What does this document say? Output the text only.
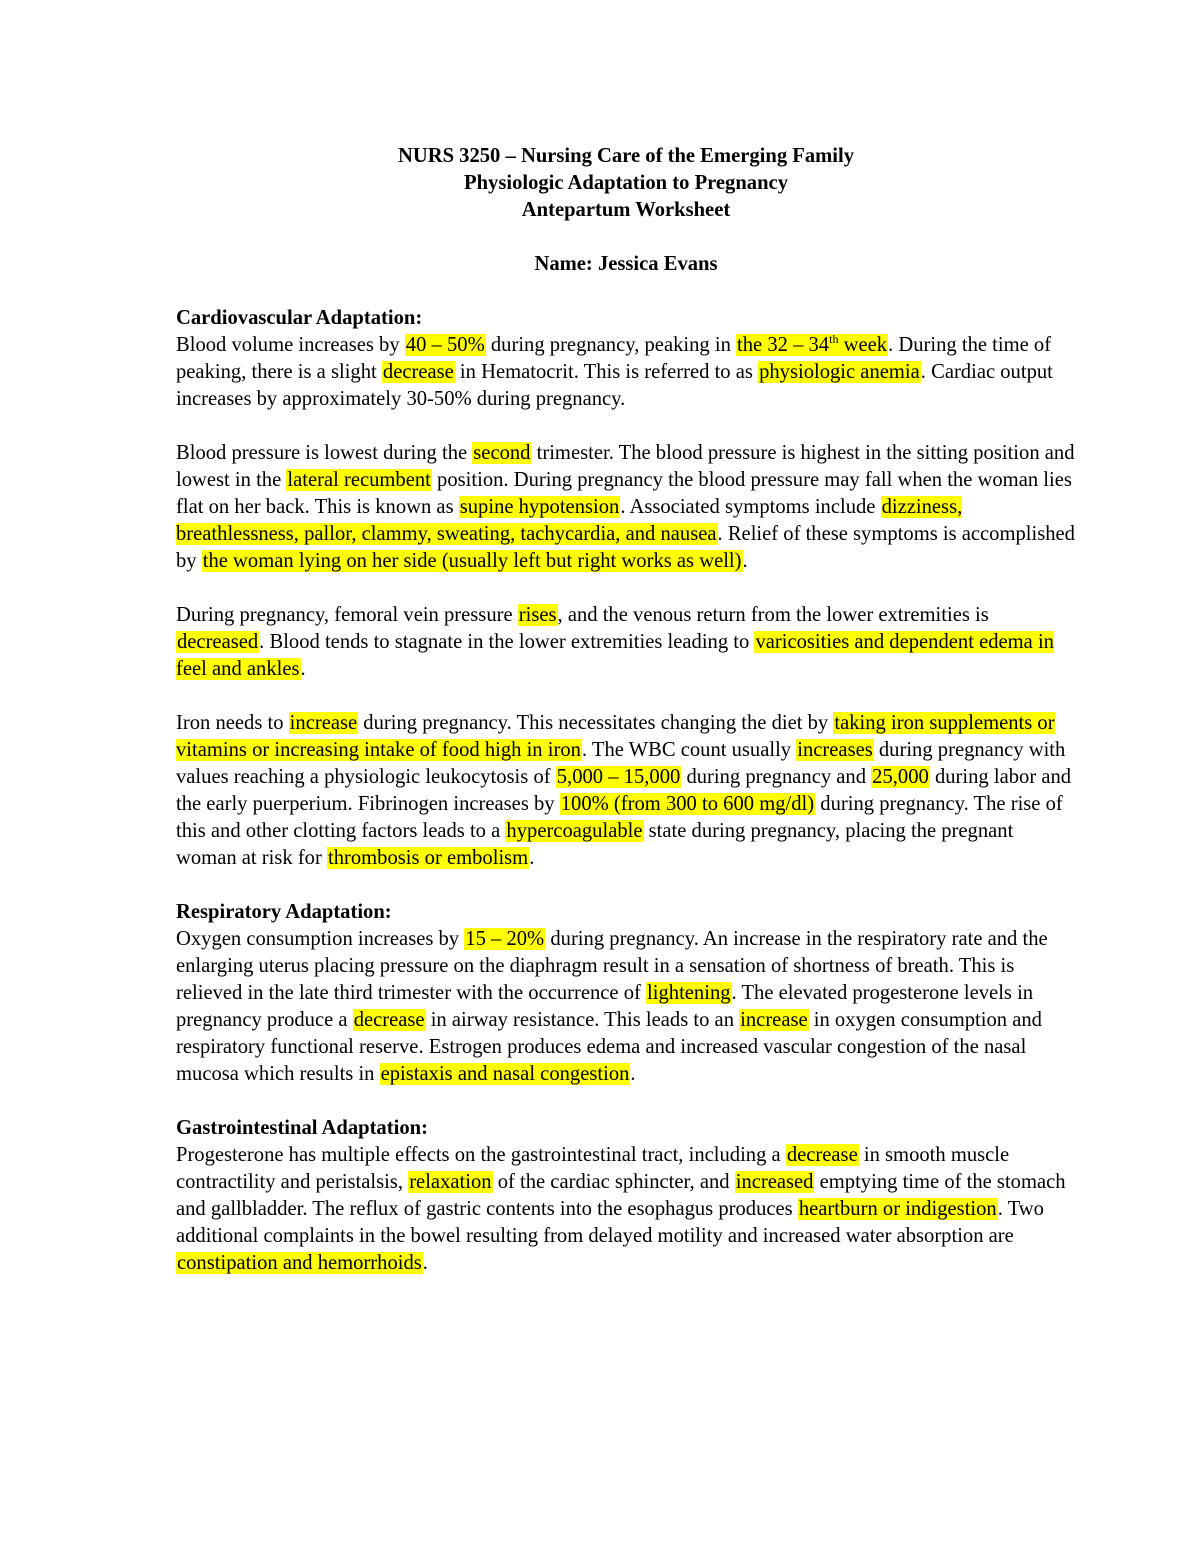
NURS 3250 – Nursing Care of the Emerging Family
Physiologic Adaptation to Pregnancy
Antepartum Worksheet
Name: Jessica Evans
Cardiovascular Adaptation:

Blood volume increases by 40 – 50% during pregnancy, peaking in the 32 – 34th week. During the time of peaking, there is a slight decrease in Hematocrit. This is referred to as physiologic anemia. Cardiac output increases by approximately 30-50% during pregnancy.

Blood pressure is lowest during the second trimester. The blood pressure is highest in the sitting position and lowest in the lateral recumbent position. During pregnancy the blood pressure may fall when the woman lies flat on her back. This is known as supine hypotension. Associated symptoms include dizziness, breathlessness, pallor, clammy, sweating, tachycardia, and nausea. Relief of these symptoms is accomplished by the woman lying on her side (usually left but right works as well).

During pregnancy, femoral vein pressure rises, and the venous return from the lower extremities is decreased. Blood tends to stagnate in the lower extremities leading to varicosities and dependent edema in feel and ankles.

Iron needs to increase during pregnancy. This necessitates changing the diet by taking iron supplements or vitamins or increasing intake of food high in iron. The WBC count usually increases during pregnancy with values reaching a physiologic leukocytosis of 5,000 – 15,000 during pregnancy and 25,000 during labor and the early puerperium. Fibrinogen increases by 100% (from 300 to 600 mg/dl) during pregnancy. The rise of this and other clotting factors leads to a hypercoagulable state during pregnancy, placing the pregnant woman at risk for thrombosis or embolism.

Respiratory Adaptation:

Oxygen consumption increases by 15 – 20% during pregnancy. An increase in the respiratory rate and the enlarging uterus placing pressure on the diaphragm result in a sensation of shortness of breath. This is relieved in the late third trimester with the occurrence of lightening. The elevated progesterone levels in pregnancy produce a decrease in airway resistance. This leads to an increase in oxygen consumption and respiratory functional reserve. Estrogen produces edema and increased vascular congestion of the nasal mucosa which results in epistaxis and nasal congestion.

Gastrointestinal Adaptation:

Progesterone has multiple effects on the gastrointestinal tract, including a decrease in smooth muscle contractility and peristalsis, relaxation of the cardiac sphincter, and increased emptying time of the stomach and gallbladder. The reflux of gastric contents into the esophagus produces heartburn or indigestion. Two additional complaints in the bowel resulting from delayed motility and increased water absorption are constipation and hemorrhoids.
